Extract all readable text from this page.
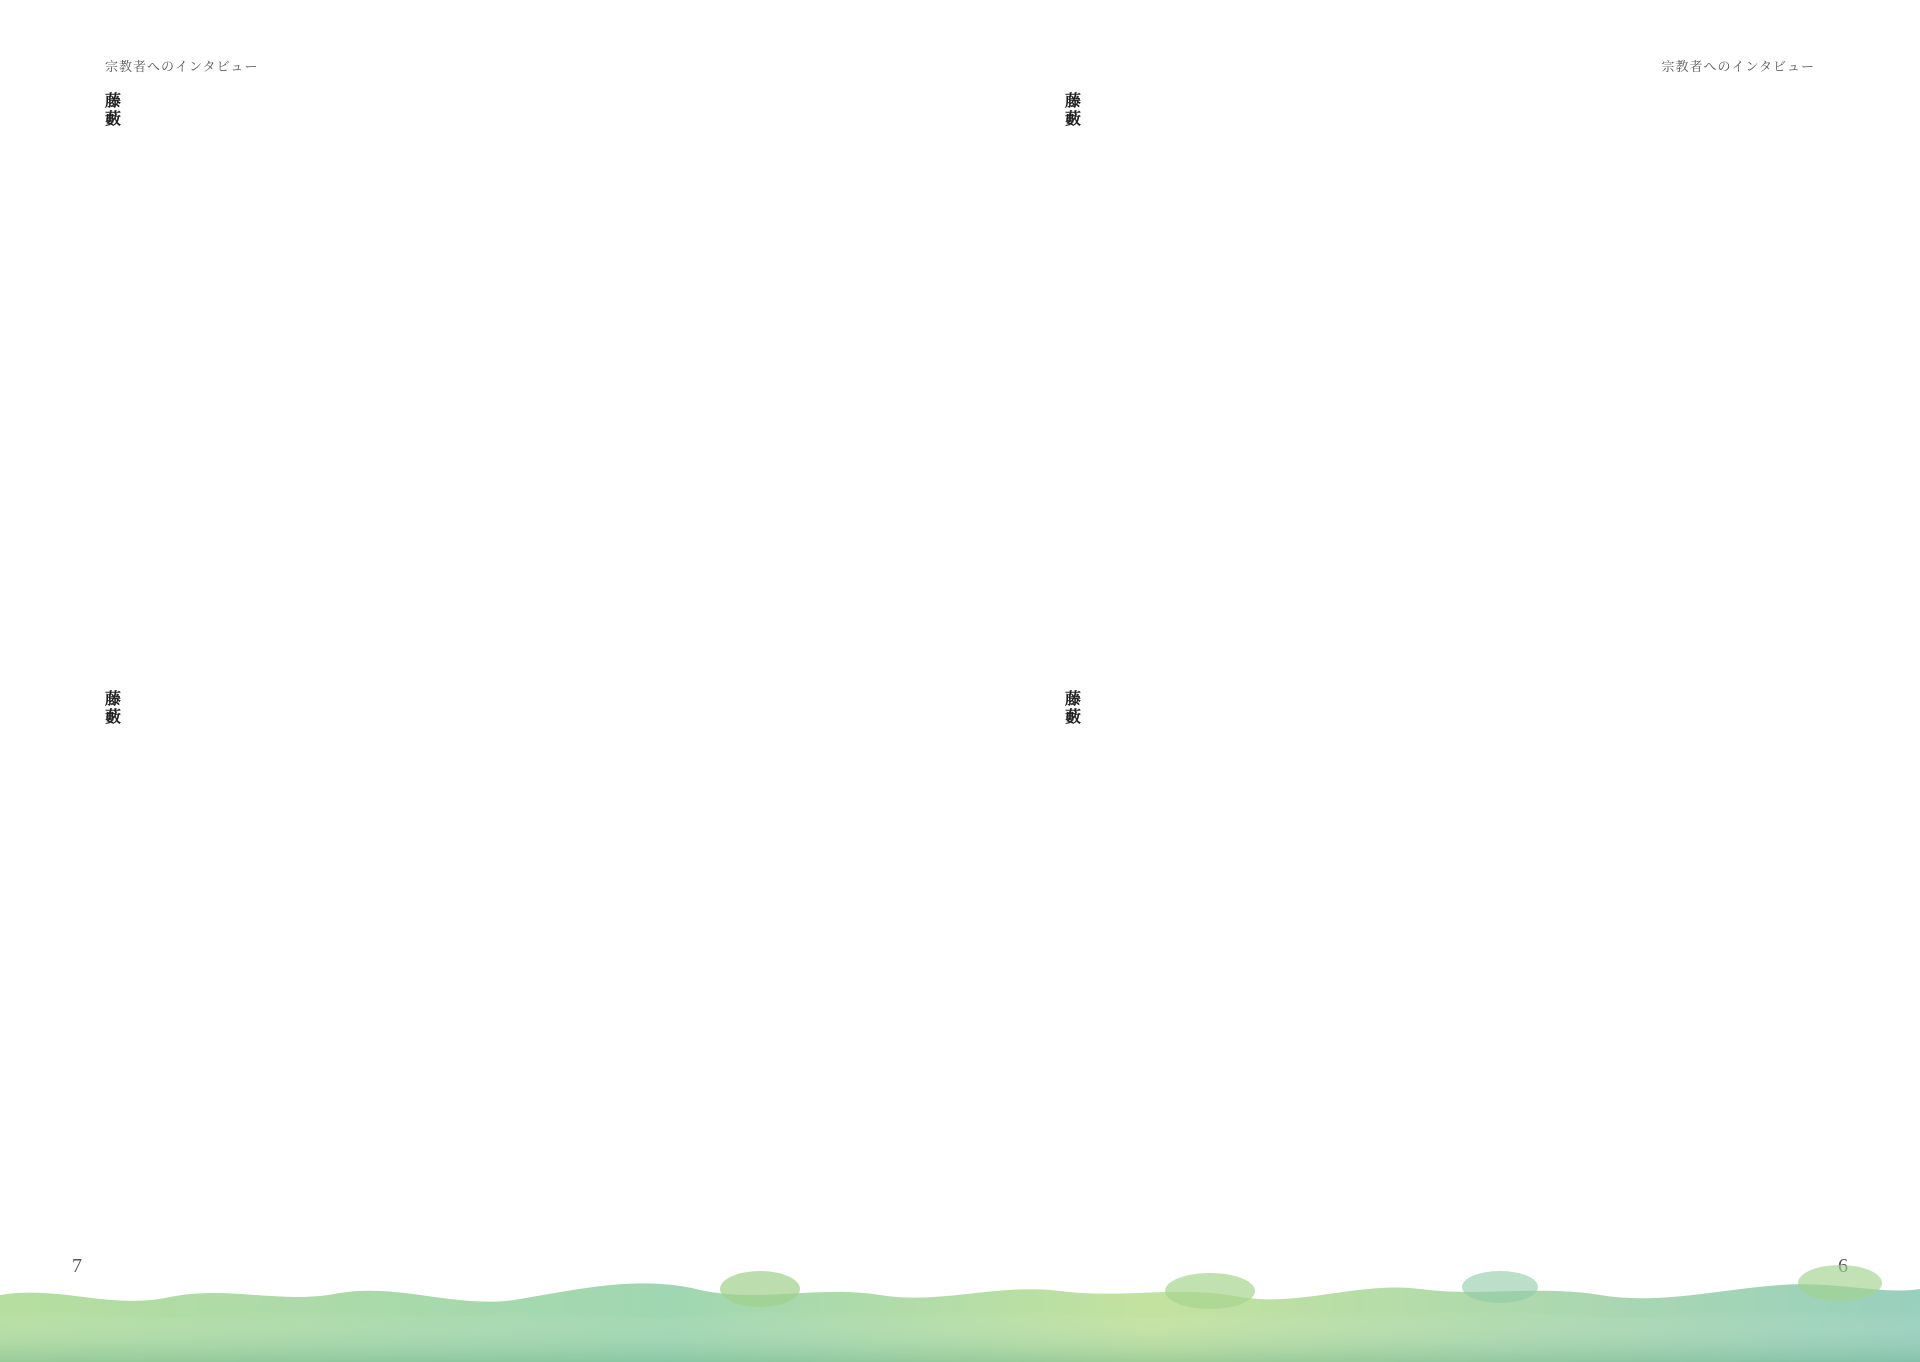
宗教者へのインタビュー
藤藪
藤藪
7
宗教者へのインタビュー
藤藪
藤藪
